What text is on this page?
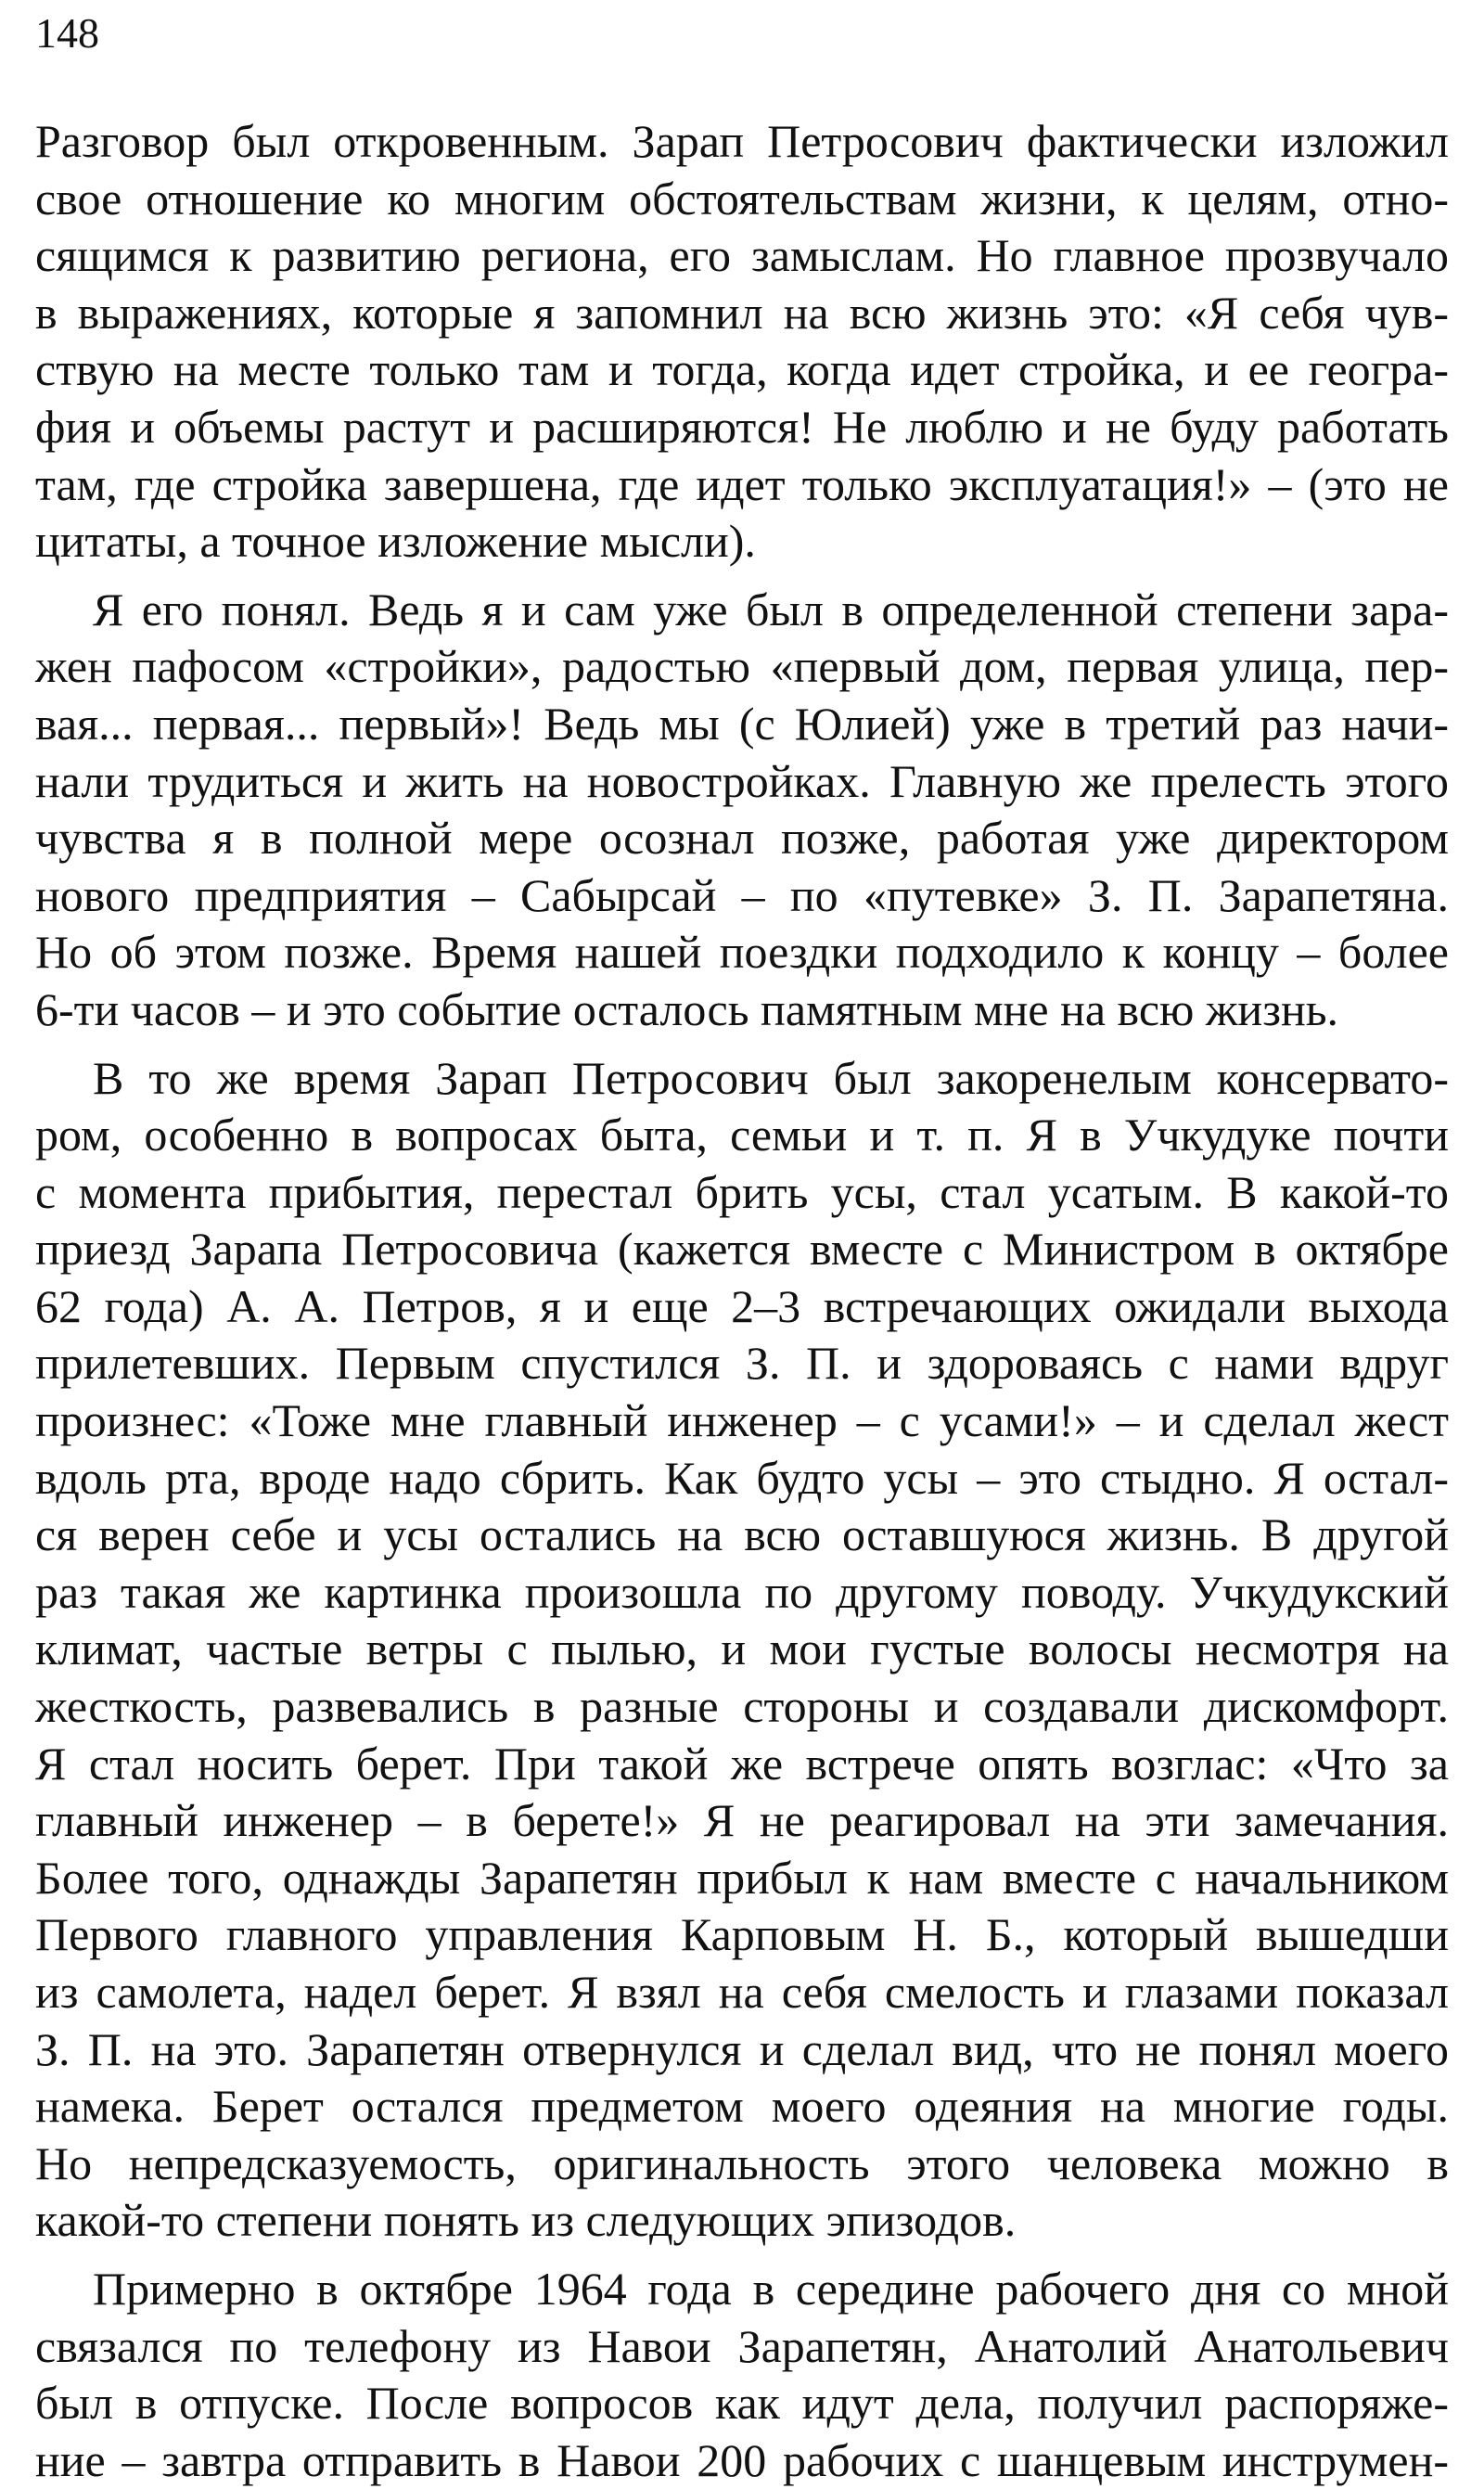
148
Разговор был откровенным. Зарап Петросович фактически изложил
свое отношение ко многим обстоятельствам жизни, к целям, отно-
сящимся к развитию региона, его замыслам. Но главное прозвучало
в выражениях, которые я запомнил на всю жизнь это: «Я себя чув-
ствую на месте только там и тогда, когда идет стройка, и ее геогра-
фия и объемы растут и расширяются! Не люблю и не буду работать
там, где стройка завершена, где идет только эксплуатация!» – (это не
цитаты, а точное изложение мысли).
Я его понял. Ведь я и сам уже был в определенной степени зара-
жен пафосом «стройки», радостью «первый дом, первая улица, пер-
вая... первая... первый»! Ведь мы (с Юлией) уже в третий раз начи-
нали трудиться и жить на новостройках. Главную же прелесть этого
чувства я в полной мере осознал позже, работая уже директором
нового предприятия – Сабырсай – по «путевке» З. П. Зарапетяна.
Но об этом позже. Время нашей поездки подходило к концу – более
6-ти часов – и это событие осталось памятным мне на всю жизнь.
В то же время Зарап Петросович был закоренелым консервато-
ром, особенно в вопросах быта, семьи и т. п. Я в Учкудуке почти
с момента прибытия, перестал брить усы, стал усатым. В какой-то
приезд Зарапа Петросовича (кажется вместе с Министром в октябре
62 года) А. А. Петров, я и еще 2–3 встречающих ожидали выхода
прилетевших. Первым спустился З. П. и здороваясь с нами вдруг
произнес: «Тоже мне главный инженер – с усами!» – и сделал жест
вдоль рта, вроде надо сбрить. Как будто усы – это стыдно. Я остал-
ся верен себе и усы остались на всю оставшуюся жизнь. В другой
раз такая же картинка произошла по другому поводу. Учкудукский
климат, частые ветры с пылью, и мои густые волосы несмотря на
жесткость, развевались в разные стороны и создавали дискомфорт.
Я стал носить берет. При такой же встрече опять возглас: «Что за
главный инженер – в берете!» Я не реагировал на эти замечания.
Более того, однажды Зарапетян прибыл к нам вместе с начальником
Первого главного управления Карповым Н. Б., который вышедши
из самолета, надел берет. Я взял на себя смелость и глазами показал
З. П. на это. Зарапетян отвернулся и сделал вид, что не понял моего
намека. Берет остался предметом моего одеяния на многие годы.
Но непредсказуемость, оригинальность этого человека можно в
какой-то степени понять из следующих эпизодов.
Примерно в октябре 1964 года в середине рабочего дня со мной
связался по телефону из Навои Зарапетян, Анатолий Анатольевич
был в отпуске. После вопросов как идут дела, получил распоряже-
ние – завтра отправить в Навои 200 рабочих с шанцевым инструмен-
